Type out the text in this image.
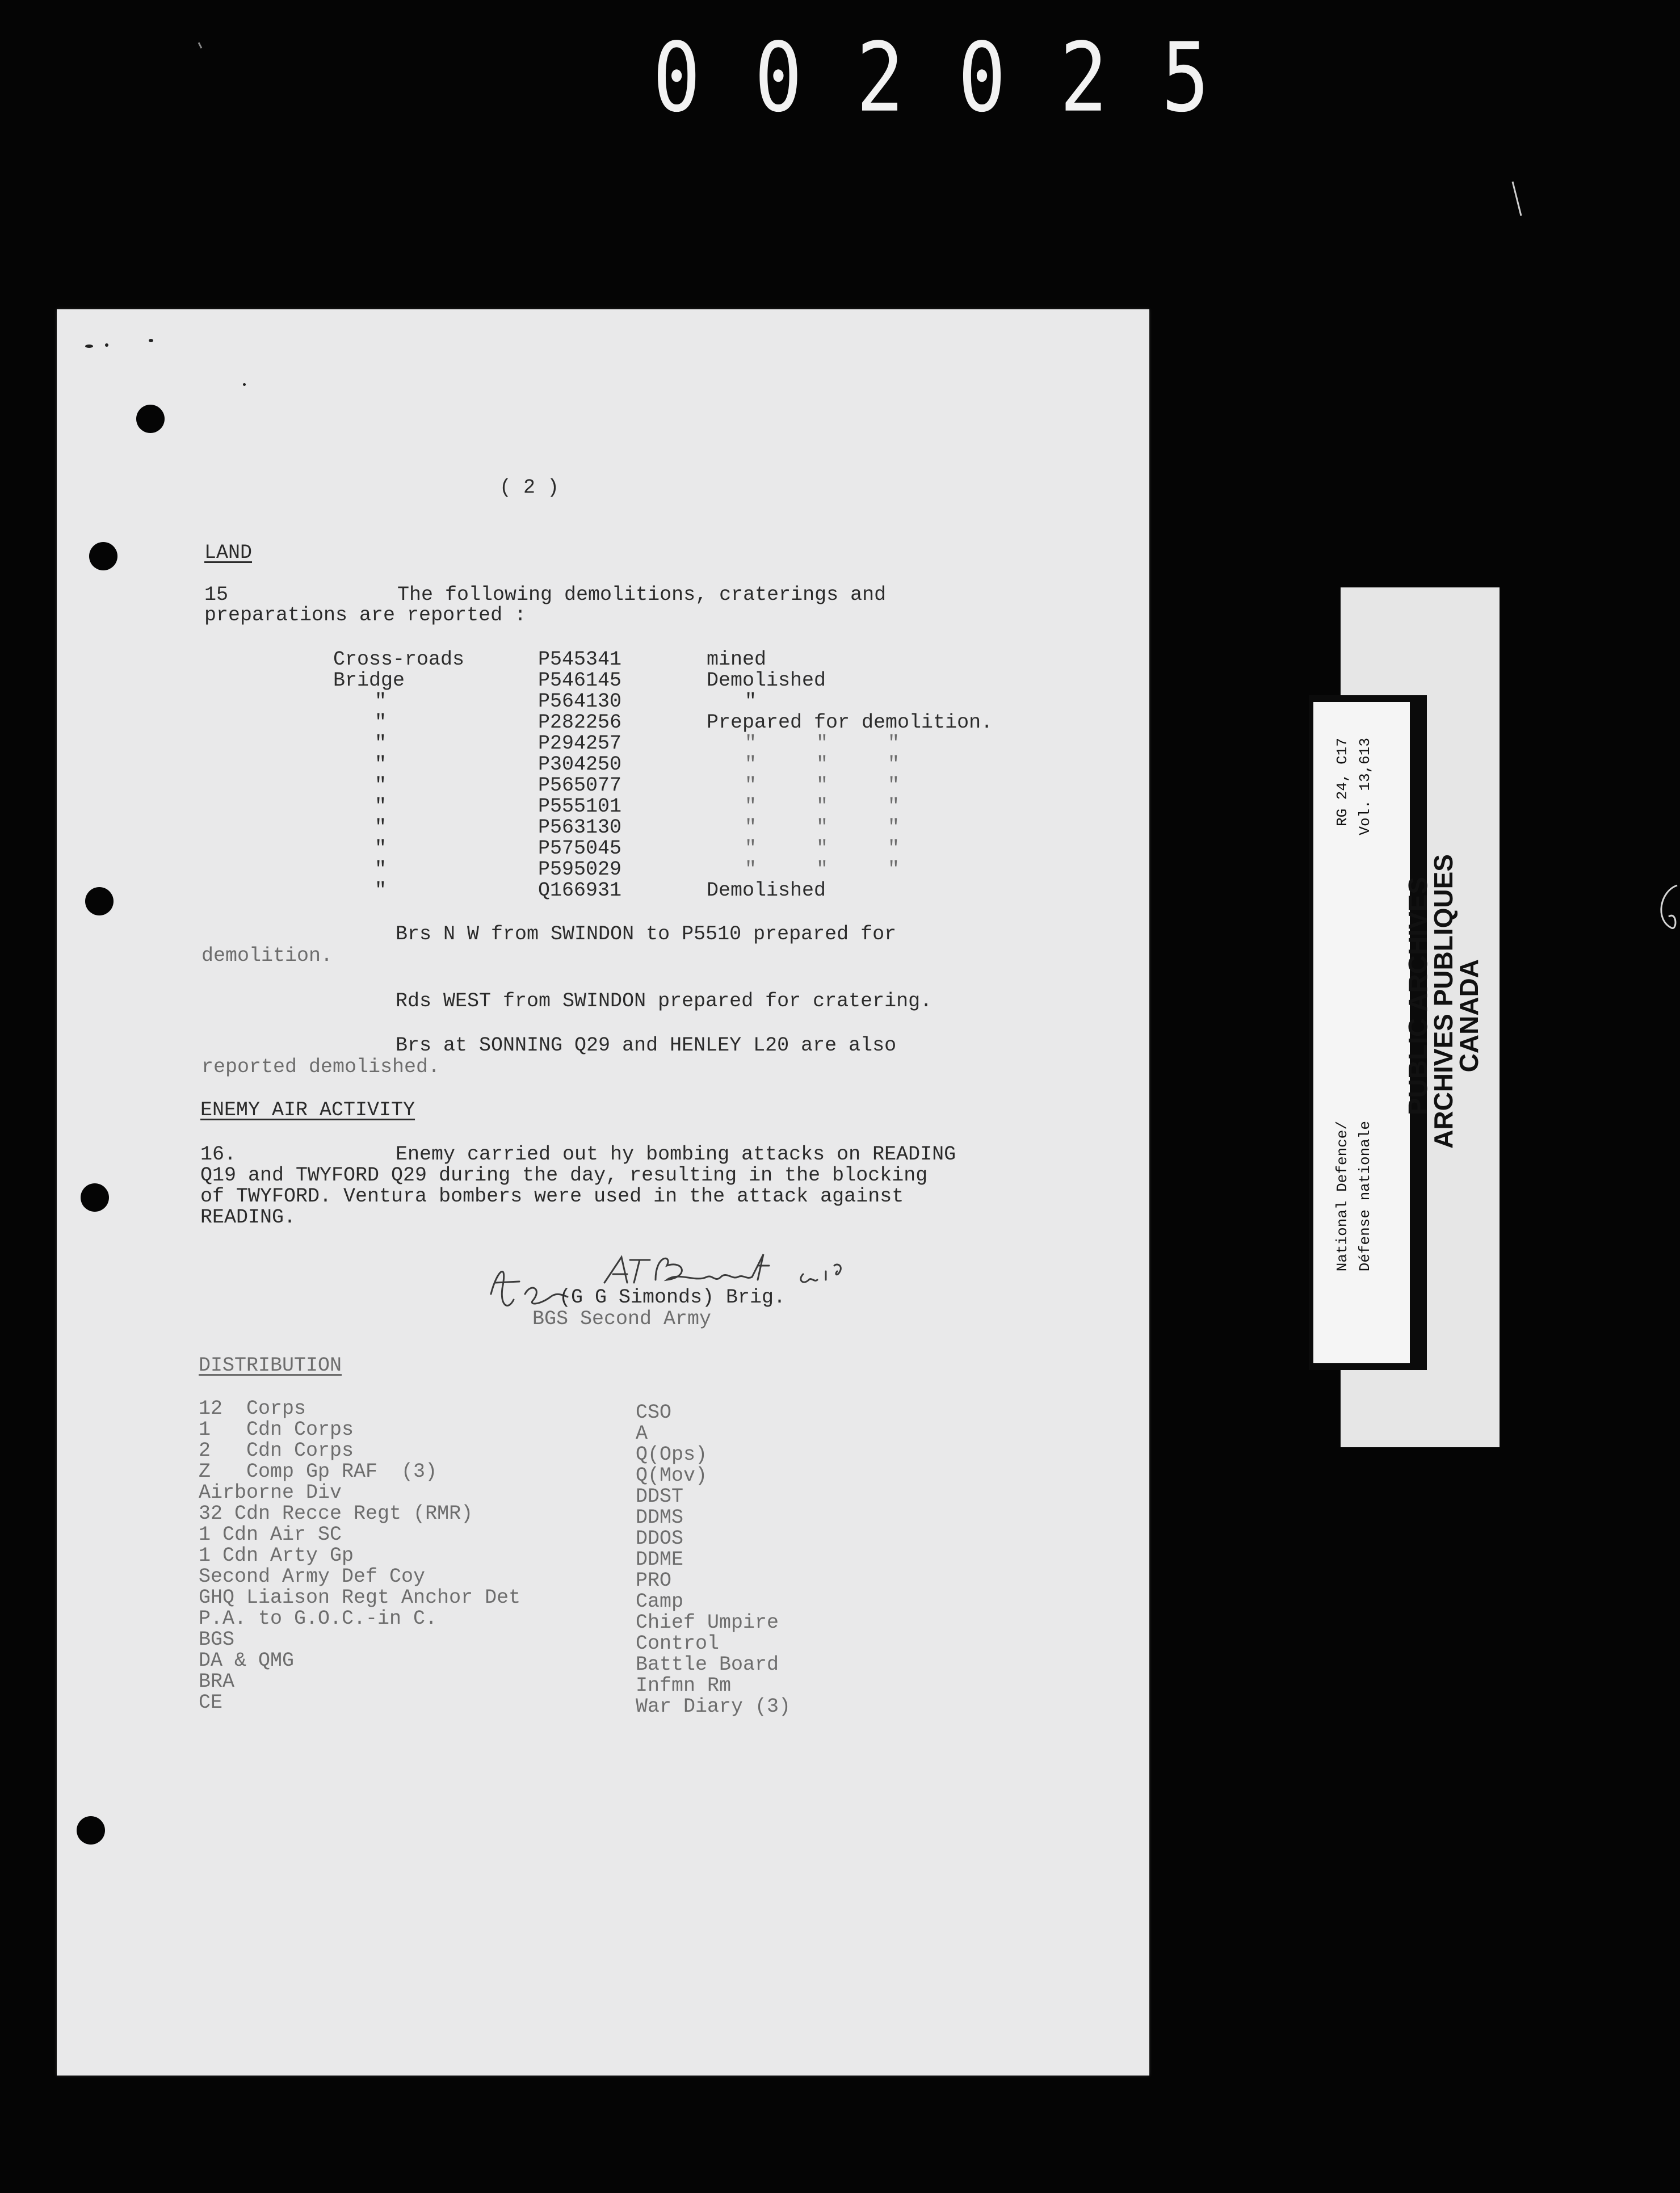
002025
( 2 )
LAND
15	The following demolitions, craterings and
preparations are reported :
Cross-roads	P545341	mined
Bridge	P546145	Demolished
"	P564130	"
"	P282256	Prepared for demolition.
"	P294257	"     "     "
"	P304250	"     "     "
"	P565077	"     "     "
"	P555101	"     "     "
"	P563130	"     "     "
"	P575045	"     "     "
"	P595029	"     "     "
"	Q166931	Demolished
Brs N W from SWINDON to P5510 prepared for
demolition.
Rds WEST from SWINDON prepared for cratering.
Brs at SONNING Q29 and HENLEY L20 are also
reported demolished.
ENEMY AIR ACTIVITY
16.	Enemy carried out hy bombing attacks on READING
Q19 and TWYFORD Q29 during the day, resulting in the blocking
of TWYFORD. Ventura bombers were used in the attack against
READING.
(G G Simonds) Brig.
BGS Second Army
DISTRIBUTION
12  Corps
1   Cdn Corps
2   Cdn Corps
Z   Comp Gp RAF  (3)
Airborne Div
32 Cdn Recce Regt (RMR)
1 Cdn Air SC
1 Cdn Arty Gp
Second Army Def Coy
GHQ Liaison Regt Anchor Det
P.A. to G.O.C.-in C.
BGS
DA & QMG
BRA
CE
CSO
A
Q(Ops)
Q(Mov)
DDST
DDMS
DDOS
DDME
PRO
Camp
Chief Umpire
Control
Battle Board
Infmn Rm
War Diary (3)
RG 24, C17 Vol. 13,613
National Defence/ Défense nationale
PUBLIC ARCHIVES
ARCHIVES PUBLIQUES
CANADA
